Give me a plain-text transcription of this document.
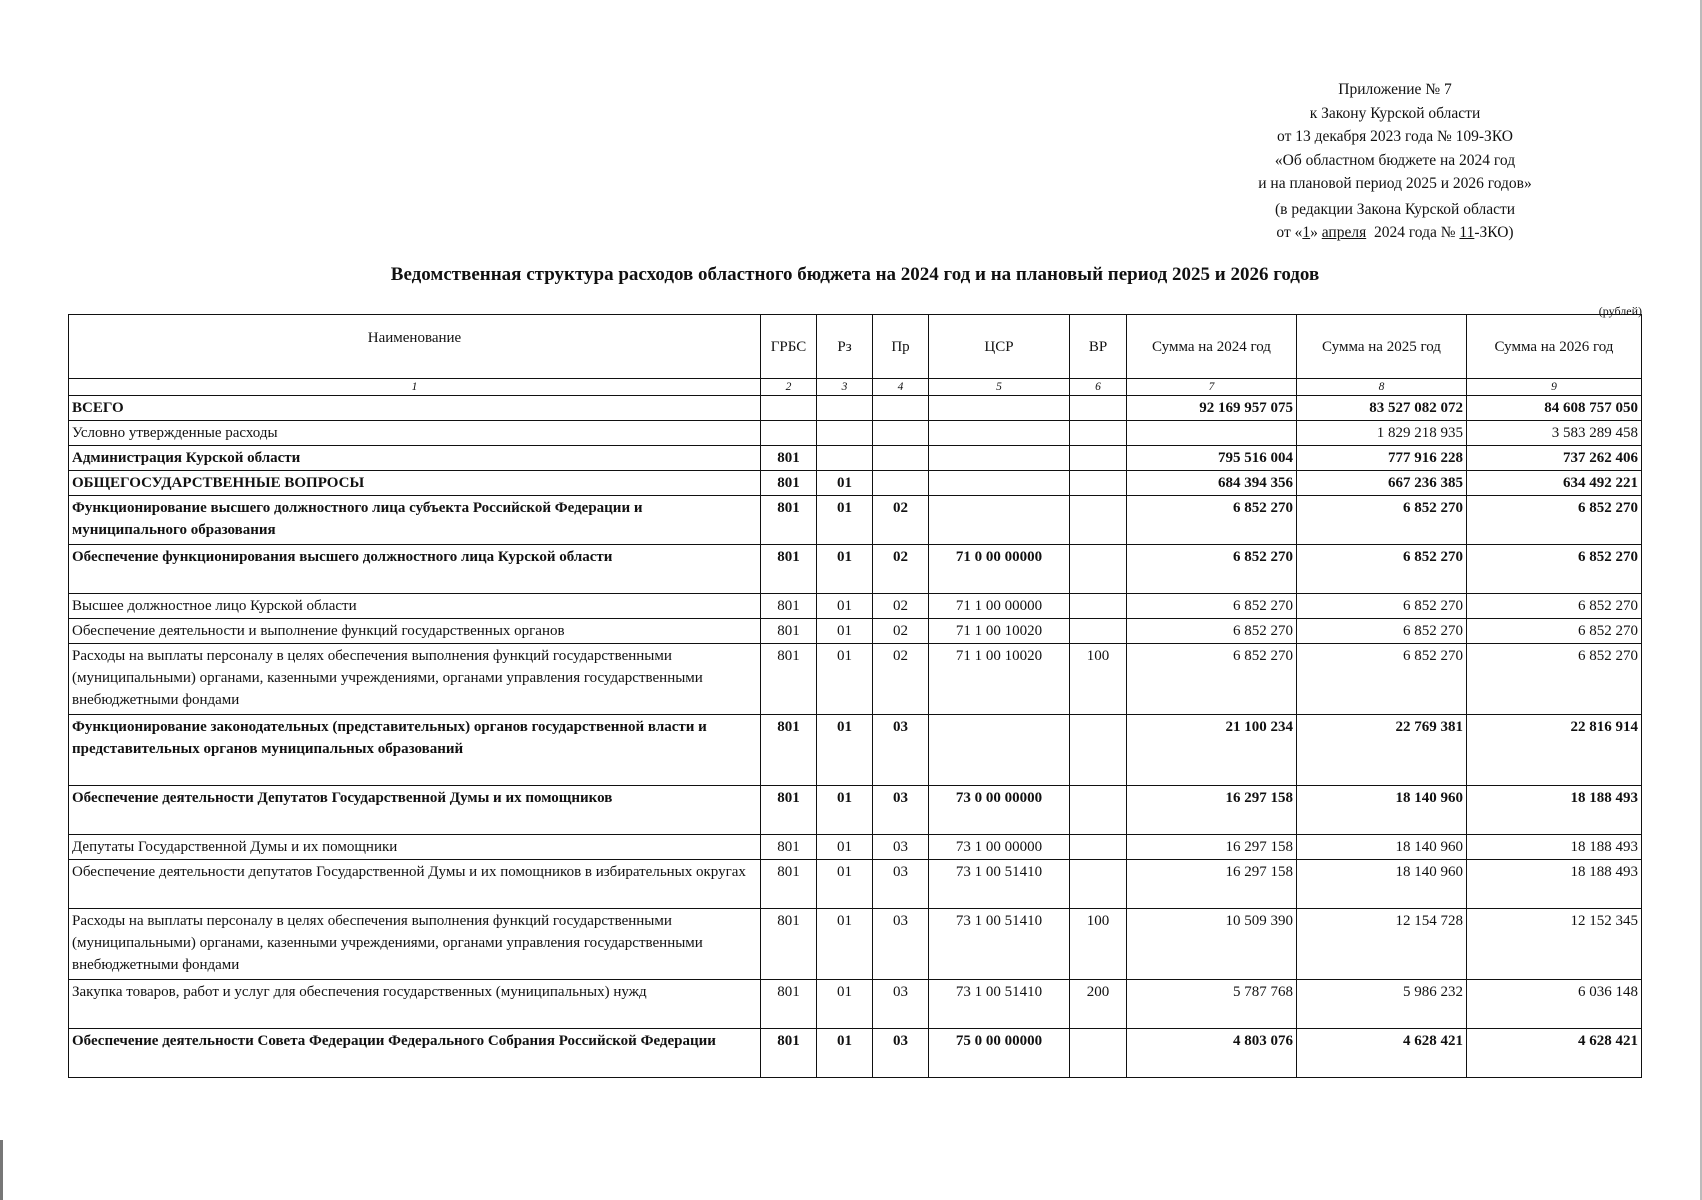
Приложение № 7
к Закону Курской области
от 13 декабря 2023 года № 109-ЗКО
«Об областном бюджете на 2024 год
и на плановой период 2025 и 2026 годов»
(в редакции Закона Курской области
от «1» апреля  2024 года № 11-ЗКО)
Ведомственная структура расходов областного бюджета на 2024 год и на плановый период 2025 и 2026 годов
(рублей)
Наименование	ГРБС	Рз	Пр	ЦСР	ВР	Сумма на 2024 год	Сумма на 2025 год	Сумма на 2026 год
1	2	3	4	5	6	7	8	9
ВСЕГО						92 169 957 075	83 527 082 072	84 608 757 050
Условно утвержденные расходы							1 829 218 935	3 583 289 458
Администрация Курской области	801					795 516 004	777 916 228	737 262 406
ОБЩЕГОСУДАРСТВЕННЫЕ ВОПРОСЫ	801	01				684 394 356	667 236 385	634 492 221
Функционирование высшего должностного лица субъекта Российской Федерации и муниципального образования	801	01	02			6 852 270	6 852 270	6 852 270
Обеспечение функционирования высшего должностного лица Курской области	801	01	02	71 0 00 00000		6 852 270	6 852 270	6 852 270
Высшее должностное лицо Курской области	801	01	02	71 1 00 00000		6 852 270	6 852 270	6 852 270
Обеспечение деятельности и выполнение функций государственных органов	801	01	02	71 1 00 10020		6 852 270	6 852 270	6 852 270
Расходы на выплаты персоналу в целях обеспечения выполнения функций государственными (муниципальными) органами, казенными учреждениями, органами управления государственными внебюджетными фондами	801	01	02	71 1 00 10020	100	6 852 270	6 852 270	6 852 270
Функционирование законодательных (представительных) органов государственной власти и представительных органов муниципальных образований	801	01	03			21 100 234	22 769 381	22 816 914
Обеспечение деятельности Депутатов Государственной Думы и их помощников	801	01	03	73 0 00 00000		16 297 158	18 140 960	18 188 493
Депутаты Государственной Думы и их помощники	801	01	03	73 1 00 00000		16 297 158	18 140 960	18 188 493
Обеспечение деятельности депутатов Государственной Думы и их помощников в избирательных округах	801	01	03	73 1 00 51410		16 297 158	18 140 960	18 188 493
Расходы на выплаты персоналу в целях обеспечения выполнения функций государственными (муниципальными) органами, казенными учреждениями, органами управления государственными внебюджетными фондами	801	01	03	73 1 00 51410	100	10 509 390	12 154 728	12 152 345
Закупка товаров, работ и услуг для обеспечения государственных (муниципальных) нужд	801	01	03	73 1 00 51410	200	5 787 768	5 986 232	6 036 148
Обеспечение деятельности Совета Федерации Федерального Собрания Российской Федерации	801	01	03	75 0 00 00000		4 803 076	4 628 421	4 628 421
